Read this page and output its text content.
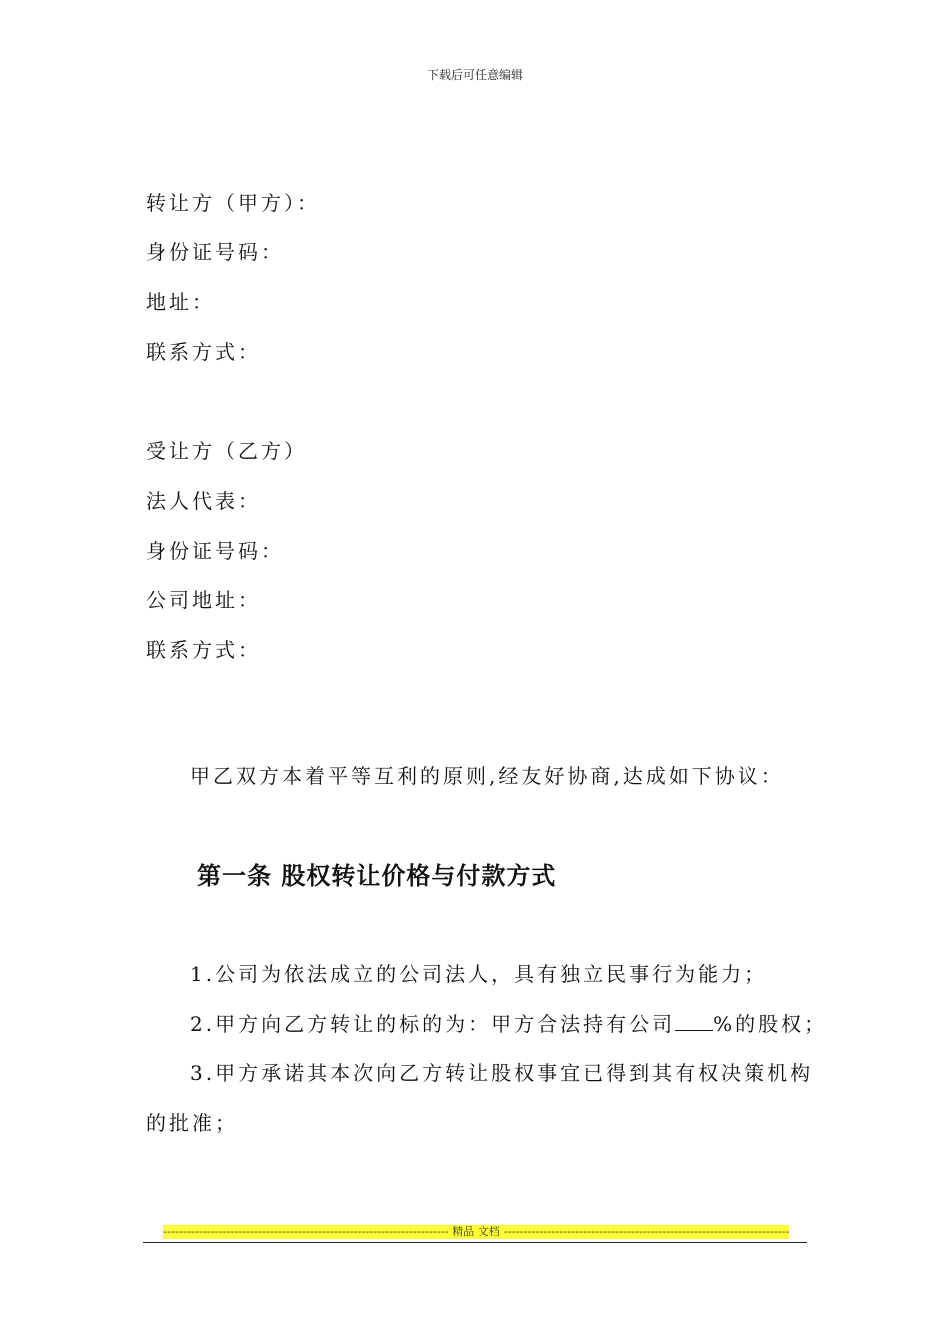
下载后可任意编辑
转让方（甲方）：
身份证号码：
地址：
联系方式：
受让方（乙方）
法人代表：
身份证号码：
公司地址：
联系方式：
甲乙双方本着平等互利的原则,经友好协商,达成如下协议：
第一条 股权转让价格与付款方式
1.公司为依法成立的公司法人，具有独立民事行为能力；
2.甲方向乙方转让的标的为：甲方合法持有公司 %的股权；
3.甲方承诺其本次向乙方转让股权事宜已得到其有权决策机构
的批准；
-----
精品 文档
-----
